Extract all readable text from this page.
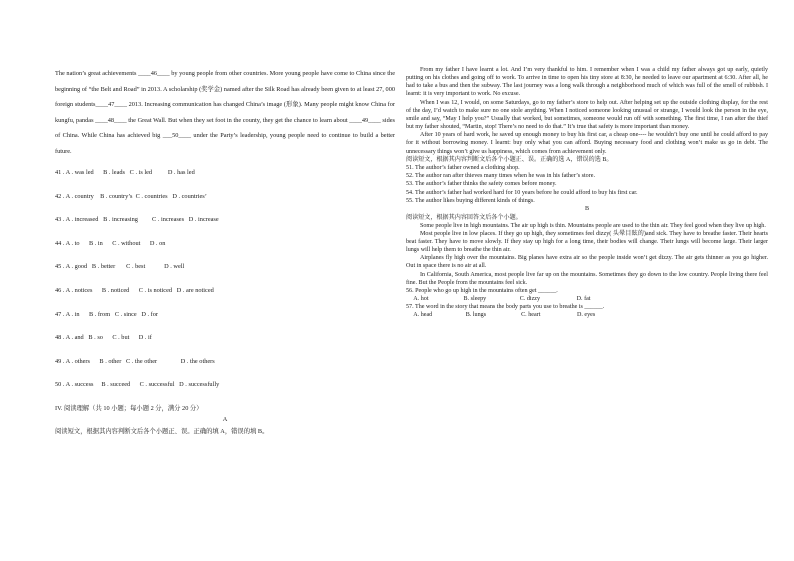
The nation’s great achievements ____46____ by young people from other countries. More young people have come to China since the beginning of “the Belt and Road” in 2013. A scholarship (奖学金) named after the Silk Road has already been given to at least 27, 000 foreign students____47____ 2013. Increasing communication has changed China’s image (形象). Many people might know China for kungfu, pandas ____48____ the Great Wall. But when they set foot in the county, they get the chance to learn about ____49____ sides of China. While China has achieved big ___50____ under the Party’s leadership, young people need to continue to build a better future.

41 . A . was led      B . leads   C . is led          D . has led

42 . A . country    B . country’s  C . countries   D . countries’

43 . A . increased   B . increasing         C . increases   D . increase

44 . A . to      B . in      C . without      D . on

45 . A . good   B . better       C . best            D . well

46 . A . notices      B . noticed      C . is noticed   D . are noticed

47 . A . in      B . from   C . since   D . for

48 . A . and   B . so      C . but      D . if

49 . A . others      B . other   C . the other               D . the others

50 . A . success     B . succeed      C . successful   D . successfully

IV. 阅读理解（共 10 小题；每小题 2 分，满分 20 分）

A

阅读短文，根据其内容判断文后各个小题正、误。正确的填 A，错误的填 B。

From my father I have learnt a lot. And I’m very thankful to him. I remember when I was a child my father always got up early, quietly putting on his clothes and going off to work. To arrive in time to open his tiny store at 8:30, he needed to leave our apartment at 6:30. After all, he had to take a bus and then the subway. The last journey was a long walk through a neighborhood much of which was full of the smell of rubbish. I learnt: it is very important to work. No excuse.

When I was 12, I would, on some Saturdays, go to my father’s store to help out. After helping set up the outside clothing display, for the rest of the day, I’d watch to make sure no one stole anything. When I noticed someone looking unusual or strange, I would look the person in the eye, smile and say, “May I help you?” Usually that worked, but sometimes, someone would run off with something. The first time, I ran after the thief but my father shouted, “Martin, stop! There’s no need to do that.” It’s true that safety is more important than money.

After 10 years of hard work, he saved up enough money to buy his first car, a cheap one---- he wouldn’t buy one until he could afford to pay for it without borrowing money. I learnt: buy only what you can afford. Buying necessary food and clothing won’t make us go in debt. The unnecessary things won’t give us happiness, which comes from achievement only.

阅读短文，根据其内容判断文后各个小题正、误。正确的选 A，错误的选 B。

51. The author’s father owned a clothing shop.

52. The author ran after thieves many times when he was in his father’s store.

53. The author’s father thinks the safety comes before money.

54. The author’s father had worked hard for 10 years before he could afford to buy his first car.

55. The author likes buying different kinds of things.

B

阅读短文，根据其内容回答文后各个小题。

Some people live in high mountains. The air up high is thin. Mountains people are used to the thin air. They feel good when they live up high.

Most people live in low places. If they go up high, they sometimes feel dizzy( 头晕目眩的)and sick. They have to breathe faster. Their hearts beat faster. They have to move slowly. If they stay up high for a long time, their bodies will change. Their lungs will become large. Their larger lungs will help them to breathe the thin air.

Airplanes fly high over the mountains. Big planes have extra air so the people inside won’t get dizzy. The air gets thinner as you go higher. Out in space there is no air at all.

In California, South America, most people live far up on the mountains. Sometimes they go down to the low country. People living there feel fine. But the People from the mountains feel sick.

56. People who go up high in the mountains often get ______.

A. hot                       B. sleepy                      C. dizzy                        D. fat

57. The word in the story that means the body parts you use to breathe is ______.

A. head                      B. lungs                       C. heart                        D. eyes
